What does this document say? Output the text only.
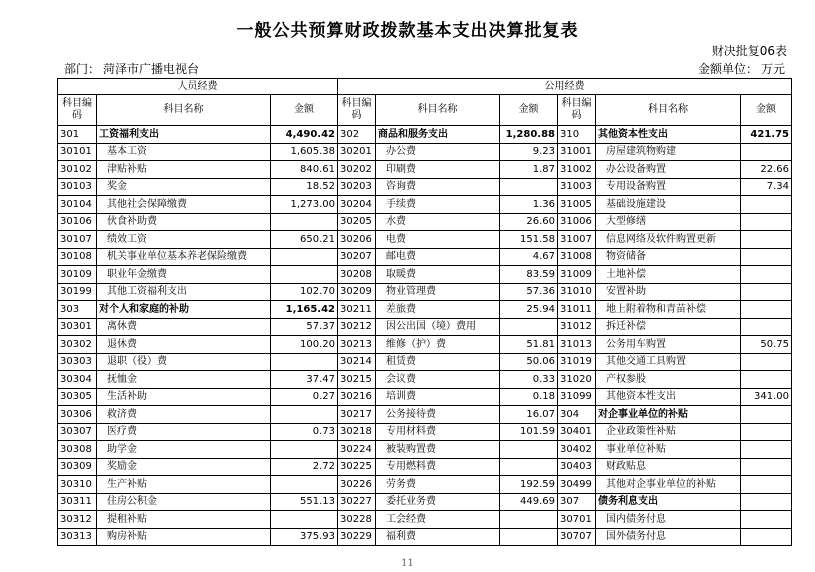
一般公共预算财政拨款基本支出决算批复表
财决批复06表
部门： 菏泽市广播电视台	金额单位： 万元
人员经费			公用经费					
科目编码	科目名称	金额	科目编码	科目名称	金额	科目编码	科目名称	金额
301	工资福利支出	4,490.42	302	商品和服务支出	1,280.88	310	其他资本性支出	421.75
30101	基本工资	1,605.38	30201	办公费	9.23	31001	房屋建筑物购建	
30102	津贴补贴	840.61	30202	印刷费	1.87	31002	办公设备购置	22.66
30103	奖金	18.52	30203	咨询费		31003	专用设备购置	7.34
30104	其他社会保障缴费	1,273.00	30204	手续费	1.36	31005	基础设施建设	
30106	伙食补助费		30205	水费	26.60	31006	大型修缮	
30107	绩效工资	650.21	30206	电费	151.58	31007	信息网络及软件购置更新	
30108	机关事业单位基本养老保险缴费		30207	邮电费	4.67	31008	物资储备	
30109	职业年金缴费		30208	取暖费	83.59	31009	土地补偿	
30199	其他工资福利支出	102.70	30209	物业管理费	57.36	31010	安置补助	
303	对个人和家庭的补助	1,165.42	30211	差旅费	25.94	31011	地上附着物和青苗补偿	
30301	离休费	57.37	30212	因公出国（境）费用		31012	拆迁补偿	
30302	退休费	100.20	30213	维修（护）费	51.81	31013	公务用车购置	50.75
30303	退职（役）费		30214	租赁费	50.06	31019	其他交通工具购置	
30304	抚恤金	37.47	30215	会议费	0.33	31020	产权参股	
30305	生活补助	0.27	30216	培训费	0.18	31099	其他资本性支出	341.00
30306	救济费		30217	公务接待费	16.07	304	对企事业单位的补贴	
30307	医疗费	0.73	30218	专用材料费	101.59	30401	企业政策性补贴	
30308	助学金		30224	被装购置费		30402	事业单位补贴	
30309	奖励金	2.72	30225	专用燃料费		30403	财政贴息	
30310	生产补贴		30226	劳务费	192.59	30499	其他对企事业单位的补贴	
30311	住房公积金	551.13	30227	委托业务费	449.69	307	债务利息支出	
30312	提租补贴		30228	工会经费		30701	国内债务付息	
30313	购房补贴	375.93	30229	福利费		30707	国外债务付息	
11
